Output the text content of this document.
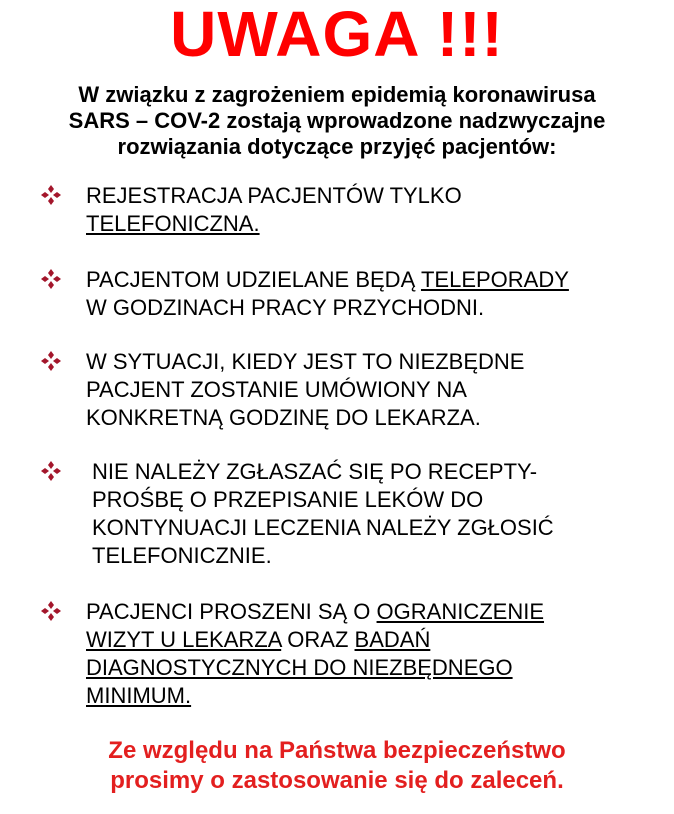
UWAGA !!!
W związku z zagrożeniem epidemią koronawirusa
SARS – COV-2 zostają wprowadzone nadzwyczajne
rozwiązania dotyczące przyjęć pacjentów:
REJESTRACJA PACJENTÓW TYLKO
TELEFONICZNA.
PACJENTOM UDZIELANE BĘDĄ TELEPORADY
W GODZINACH PRACY PRZYCHODNI.
W SYTUACJI, KIEDY JEST TO NIEZBĘDNE
PACJENT ZOSTANIE UMÓWIONY NA
KONKRETNĄ GODZINĘ DO LEKARZA.
NIE NALEŻY ZGŁASZAĆ SIĘ PO RECEPTY-
PROŚBĘ O PRZEPISANIE LEKÓW DO
KONTYNUACJI LECZENIA NALEŻY ZGŁOSIĆ
TELEFONICZNIE.
PACJENCI PROSZENI SĄ O OGRANICZENIE
WIZYT U LEKARZA ORAZ BADAŃ
DIAGNOSTYCZNYCH DO NIEZBĘDNEGO
MINIMUM.
Ze względu na Państwa bezpieczeństwo
prosimy o zastosowanie się do zaleceń.
